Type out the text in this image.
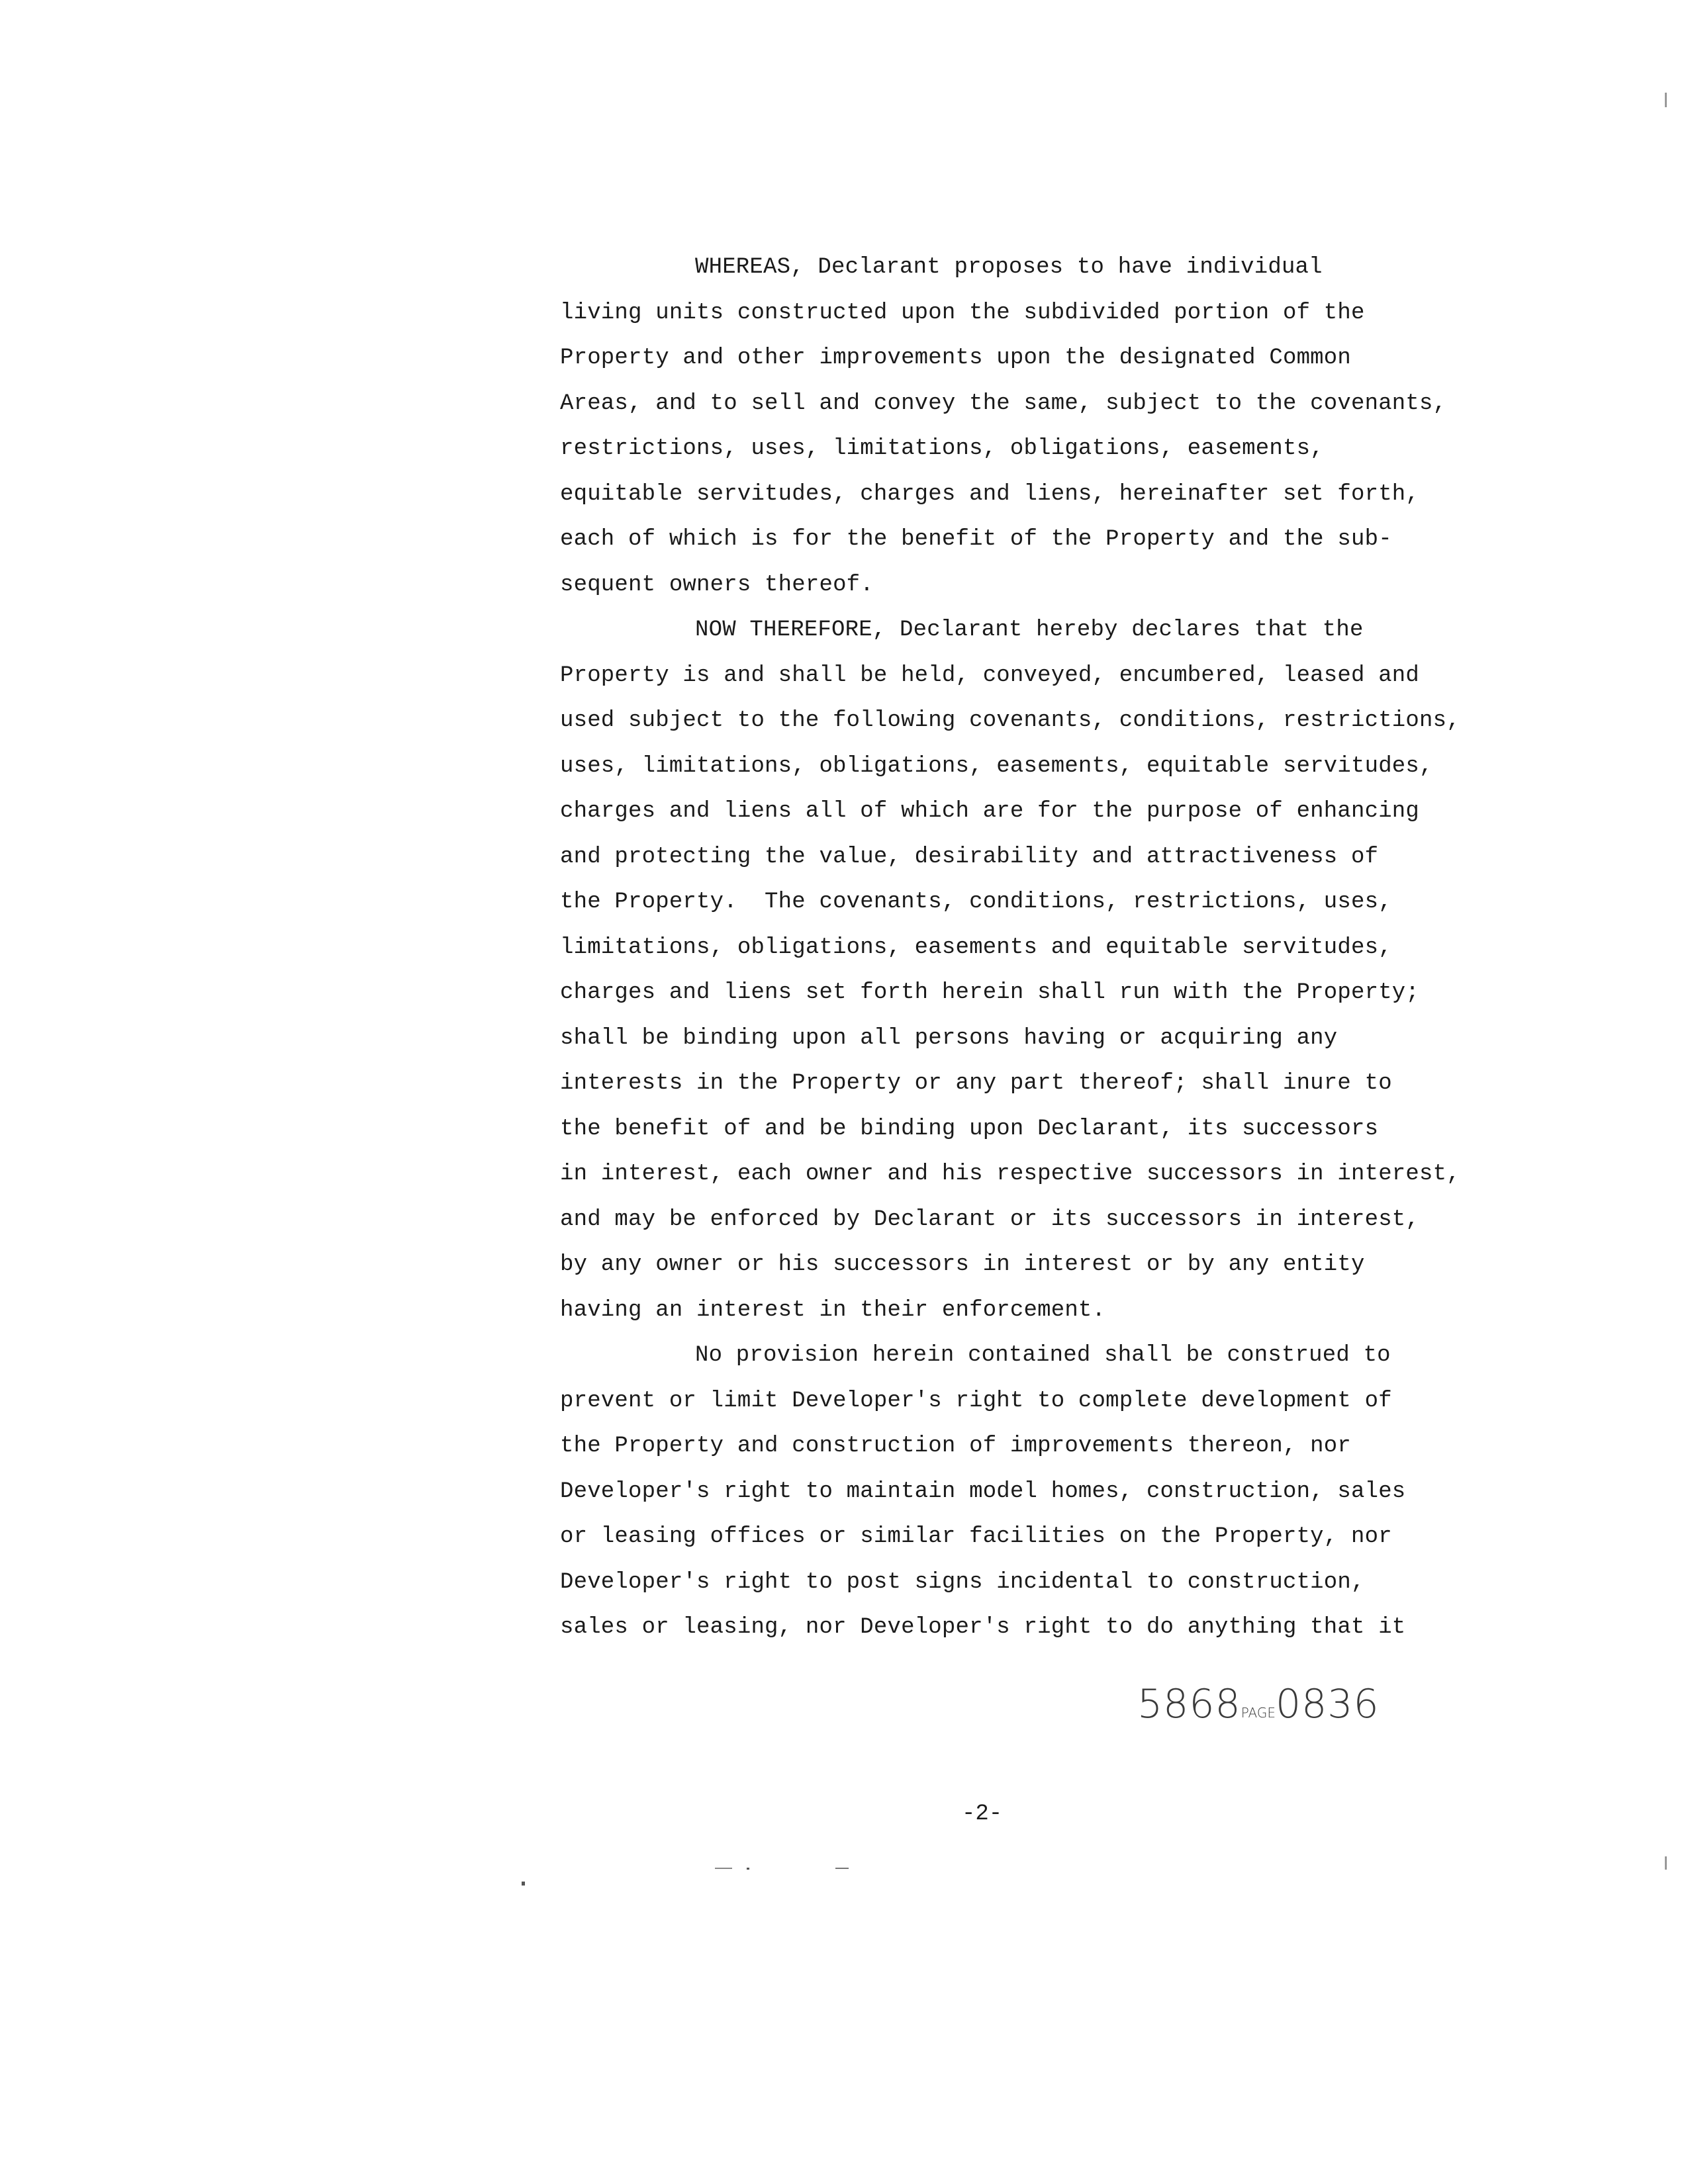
WHEREAS, Declarant proposes to have individual
living units constructed upon the subdivided portion of the
Property and other improvements upon the designated Common
Areas, and to sell and convey the same, subject to the covenants,
restrictions, uses, limitations, obligations, easements,
equitable servitudes, charges and liens, hereinafter set forth,
each of which is for the benefit of the Property and the sub-
sequent owners thereof.
NOW THEREFORE, Declarant hereby declares that the
Property is and shall be held, conveyed, encumbered, leased and
used subject to the following covenants, conditions, restrictions,
uses, limitations, obligations, easements, equitable servitudes,
charges and liens all of which are for the purpose of enhancing
and protecting the value, desirability and attractiveness of
the Property.  The covenants, conditions, restrictions, uses,
limitations, obligations, easements and equitable servitudes,
charges and liens set forth herein shall run with the Property;
shall be binding upon all persons having or acquiring any
interests in the Property or any part thereof; shall inure to
the benefit of and be binding upon Declarant, its successors
in interest, each owner and his respective successors in interest,
and may be enforced by Declarant or its successors in interest,
by any owner or his successors in interest or by any entity
having an interest in their enforcement.
No provision herein contained shall be construed to
prevent or limit Developer's right to complete development of
the Property and construction of improvements thereon, nor
Developer's right to maintain model homes, construction, sales
or leasing offices or similar facilities on the Property, nor
Developer's right to post signs incidental to construction,
sales or leasing, nor Developer's right to do anything that it
5868PAGE0836
-2-
